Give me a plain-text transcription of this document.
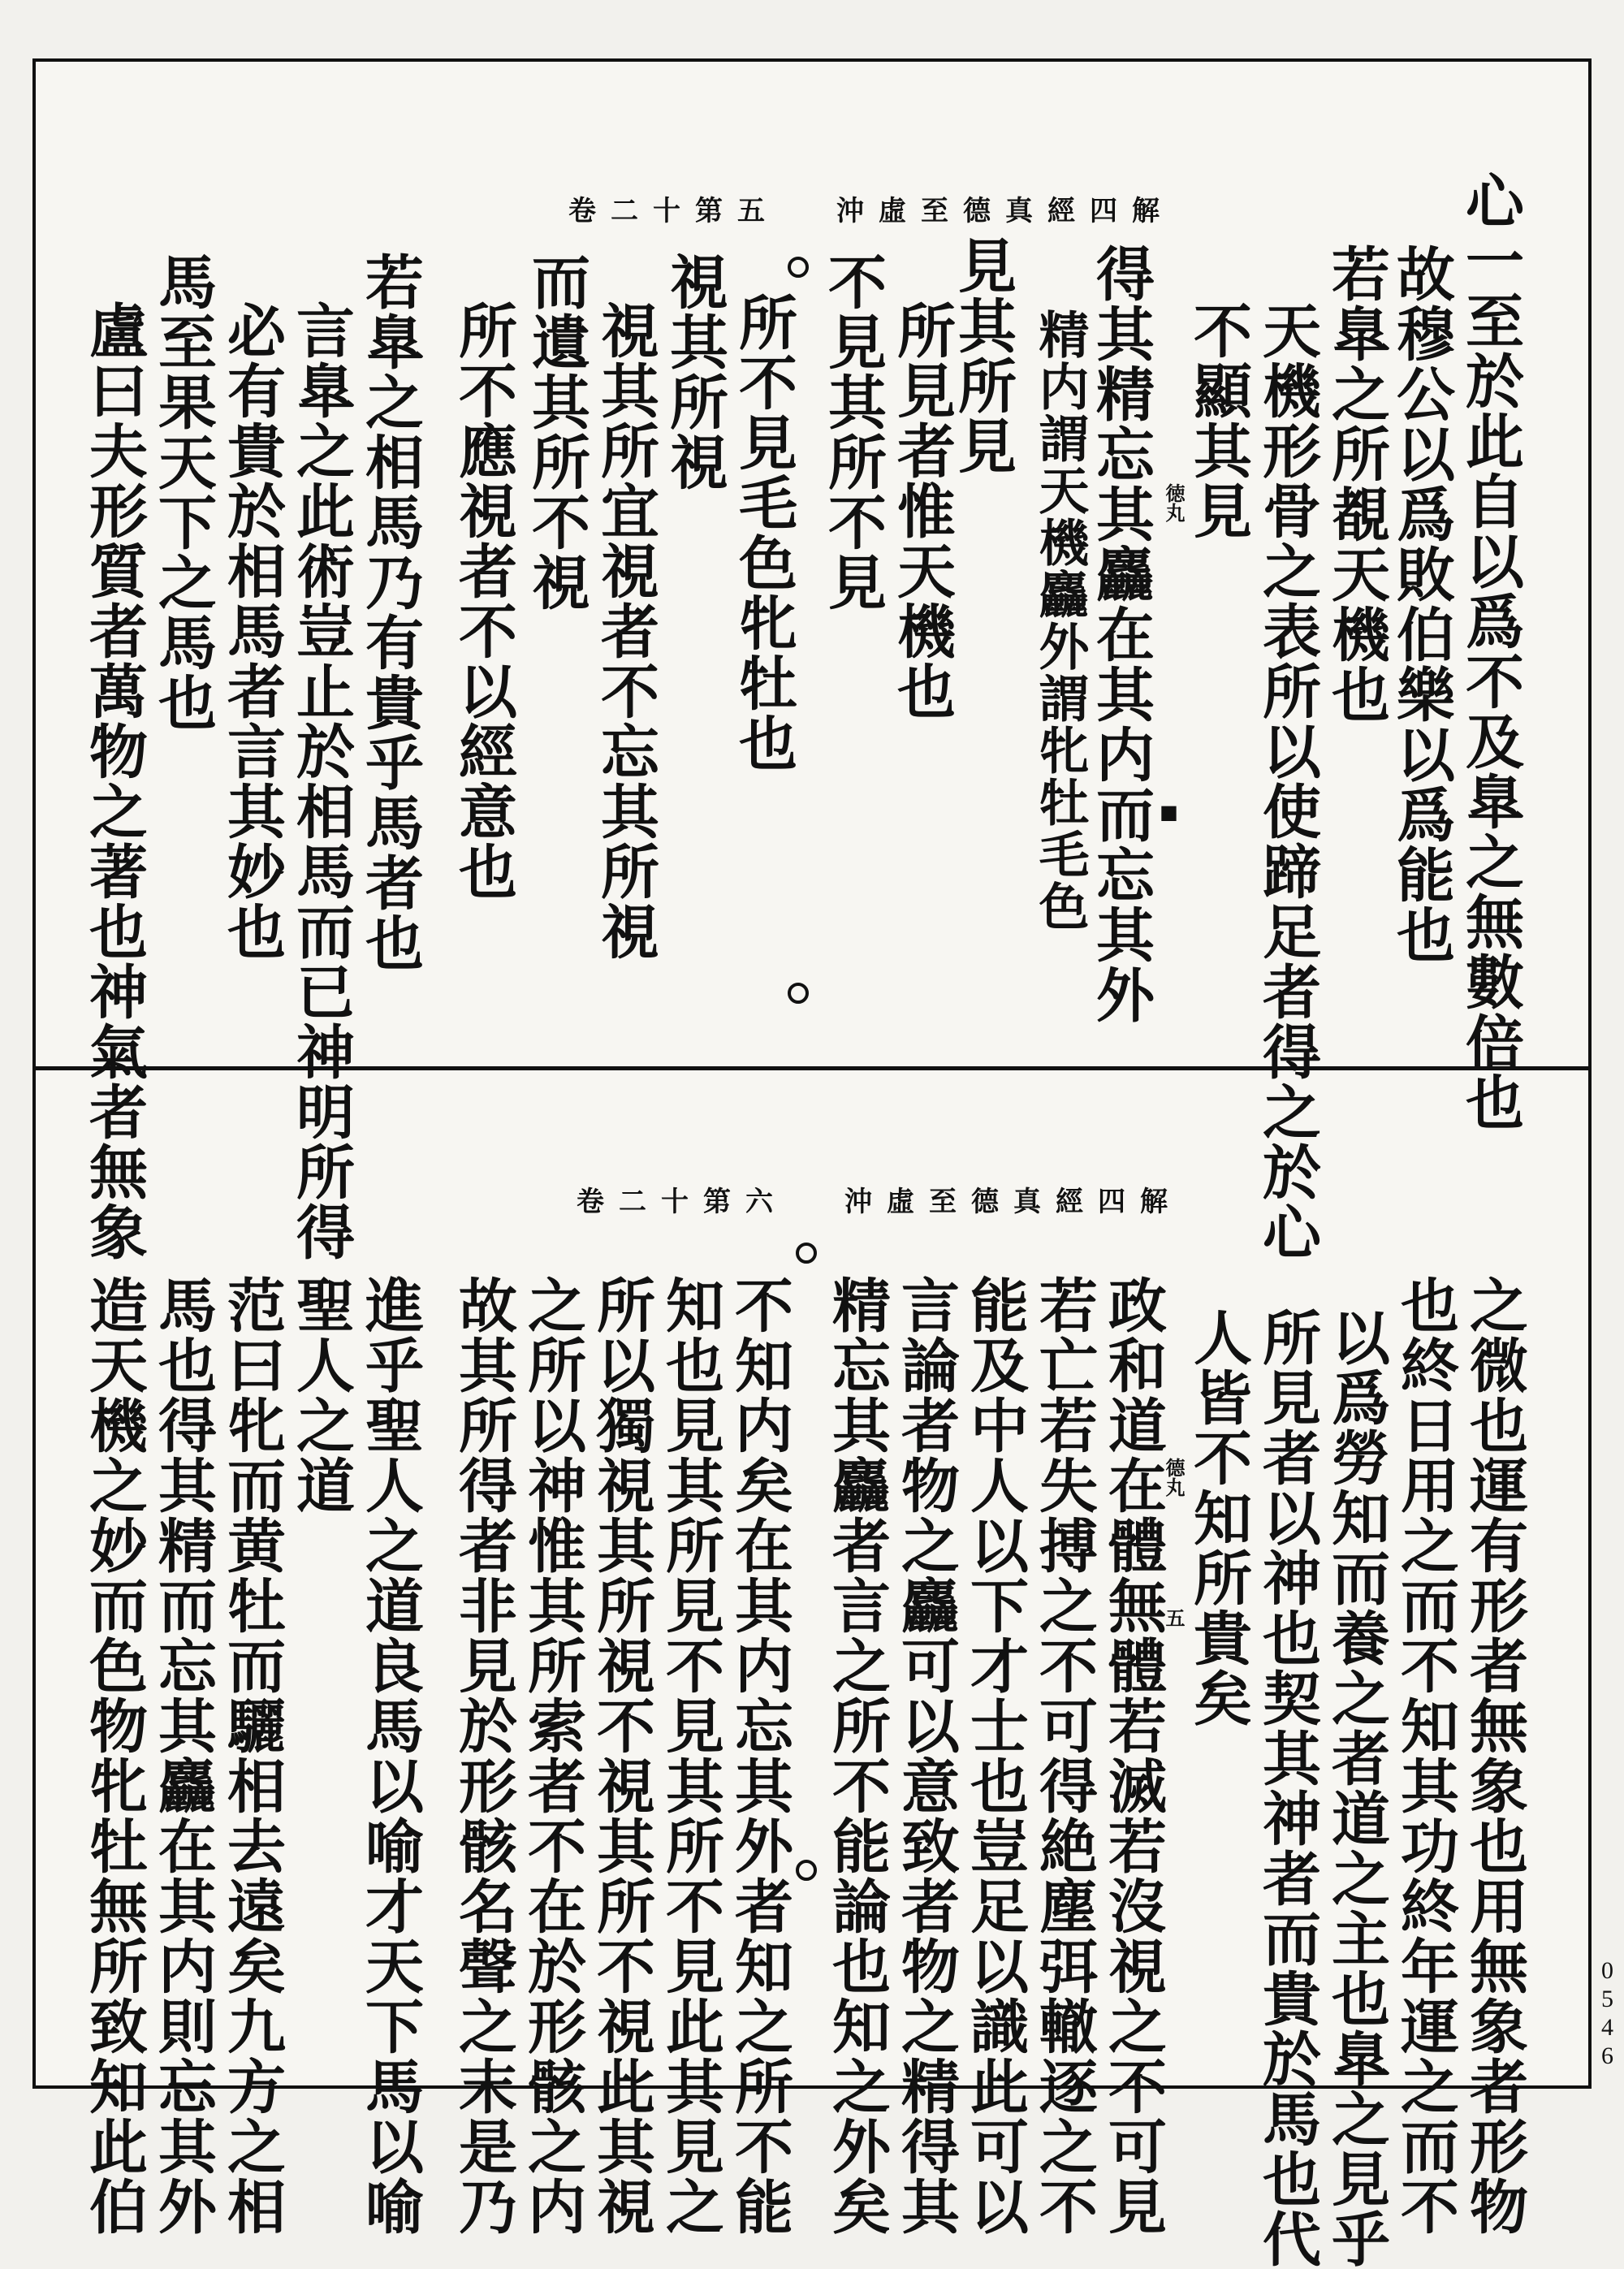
卷二十第五 沖虛至德真經四解	心一至於此自以爲不及臯之無數倍也
故穆公以爲敗伯樂以爲能也
若臯之所覩天機也
天機形骨之表所以使蹄足者得之於心
不顯其見
得其精忘其麤在其内而忘其外
精内謂天機麤外謂牝牡毛色
見其所見
所見者惟天機也
不見其所不見
所不見毛色牝牡也
視其所視
視其所宜視者不忘其所視
而遺其所不視
所不應視者不以經意也
若臯之相馬乃有貴乎馬者也
言臯之此術豈止於相馬而已神明所得
必有貴於相馬者言其妙也
馬至果天下之馬也
盧曰夫形質者萬物之著也神氣者無象	徳丸
■
卷二十第六 沖虛至德真經四解
之微也運有形者無象也用無象者形物
也終日用之而不知其功終年運之而不
以爲勞知而養之者道之主也臯之見乎
所見者以神也契其神者而貴於馬也代
人皆不知所貴矣
政和道在體無體若滅若沒視之不可見
若亡若失搏之不可得絶塵弭轍逐之不
能及中人以下才士也豈足以識此可以
言論者物之麤可以意致者物之精得其
精忘其麤者言之所不能論也知之外矣
不知内矣在其内忘其外者知之所不能
知也見其所見不見其所不見此其見之
所以獨視其所視不視其所不視此其視
之所以神惟其所索者不在於形骸之内
故其所得者非見於形骸名聲之末是乃
進乎聖人之道良馬以喻才天下馬以喻
聖人之道
范曰牝而黄牡而驪相去遠矣九方之相
馬也得其精而忘其麤在其内則忘其外
造天機之妙而色物牝牡無所致知此伯	德丸
五
0546
